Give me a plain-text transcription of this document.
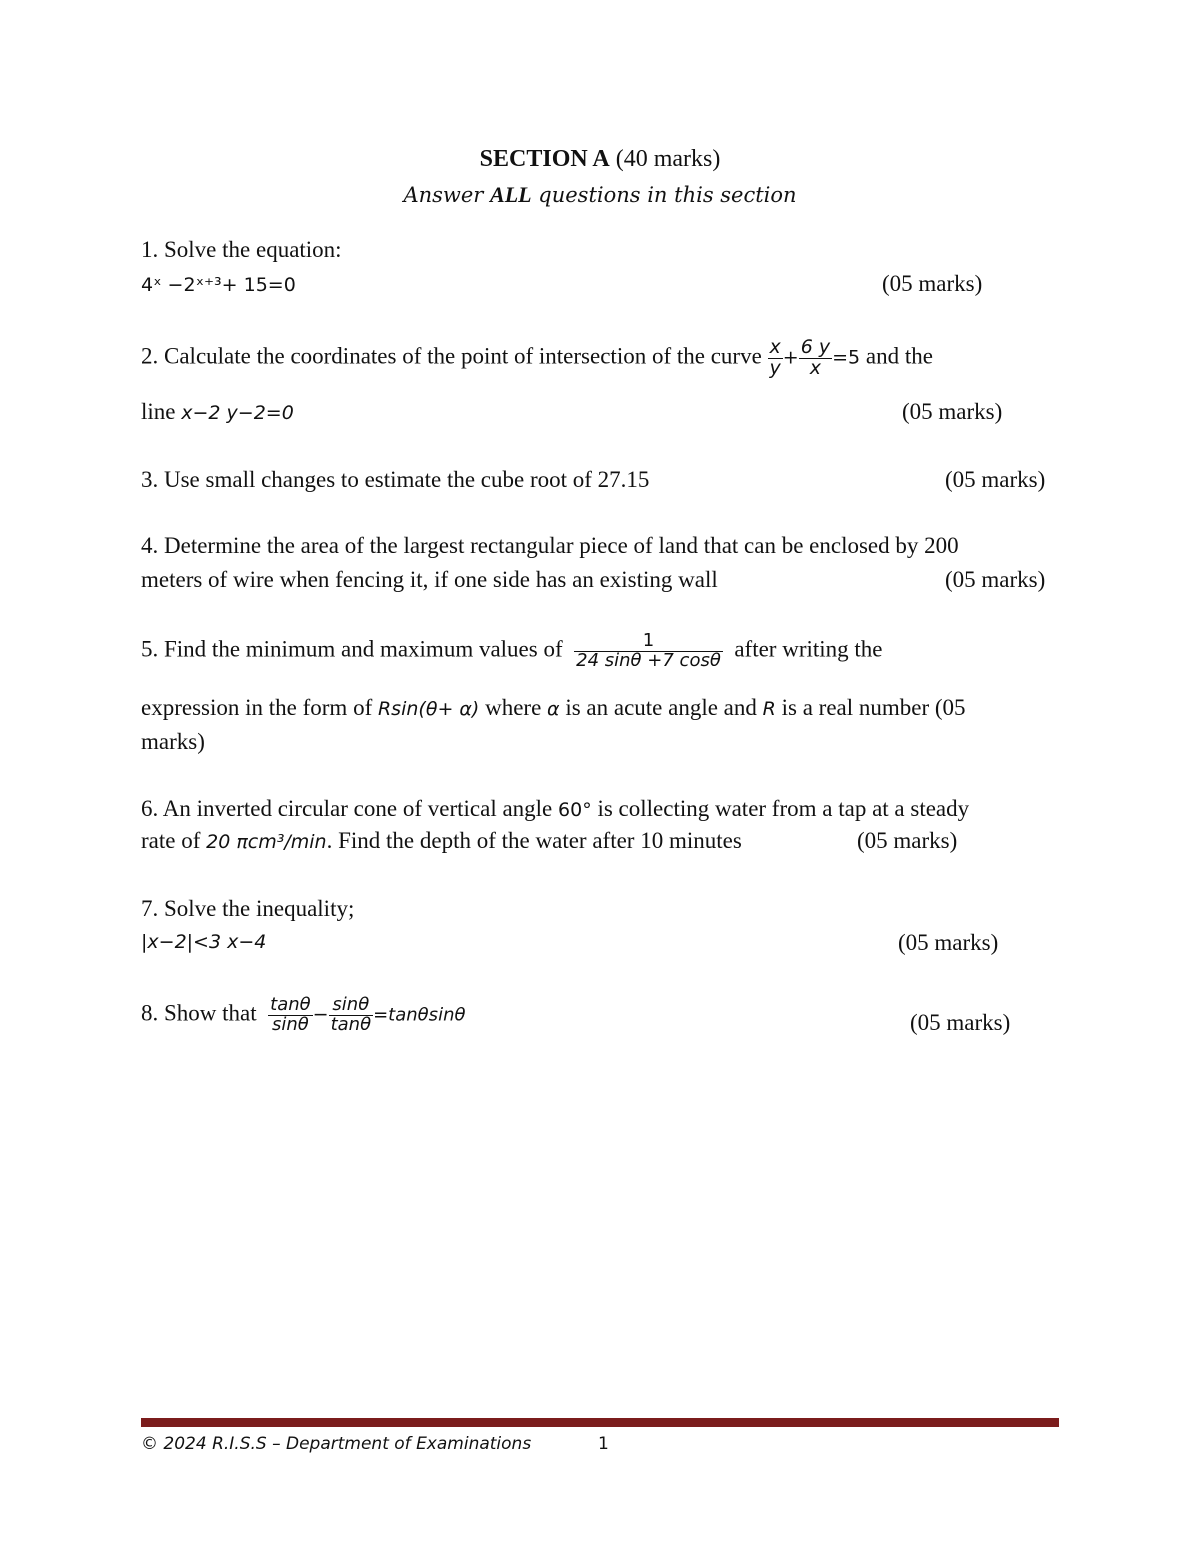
SECTION A (40 marks)
Answer ALL questions in this section
1. Solve the equation:
4ˣ −2ˣ⁺³+ 15=0	(05 marks)
2. Calculate the coordinates of the point of intersection of the curve $\frac{x}{y} + \frac{6 y}{x} =5$ and the
line x−2 y−2=0	(05 marks)
3. Use small changes to estimate the cube root of 27.15	(05 marks)
4. Determine the area of the largest rectangular piece of land that can be enclosed by 200
meters of wire when fencing it, if one side has an existing wall	(05 marks)
5. Find the minimum and maximum values of $\frac{1}{24 \sin\theta +7 \cos\theta}$ after writing the
expression in the form of Rsin(θ+ α) where α is an acute angle and R is a real number (05
marks)
6. An inverted circular cone of vertical angle 60° is collecting water from a tap at a steady
rate of 20 πcm³/min. Find the depth of the water after 10 minutes	(05 marks)
7. Solve the inequality;
|x−2|<3 x−4	(05 marks)
8. Show that $\frac{\tan\theta}{\sin\theta} - \frac{\sin\theta}{\tan\theta} =\tan\theta\sin\theta$	(05 marks)
© 2024 R.I.S.S – Department of Examinations	1
